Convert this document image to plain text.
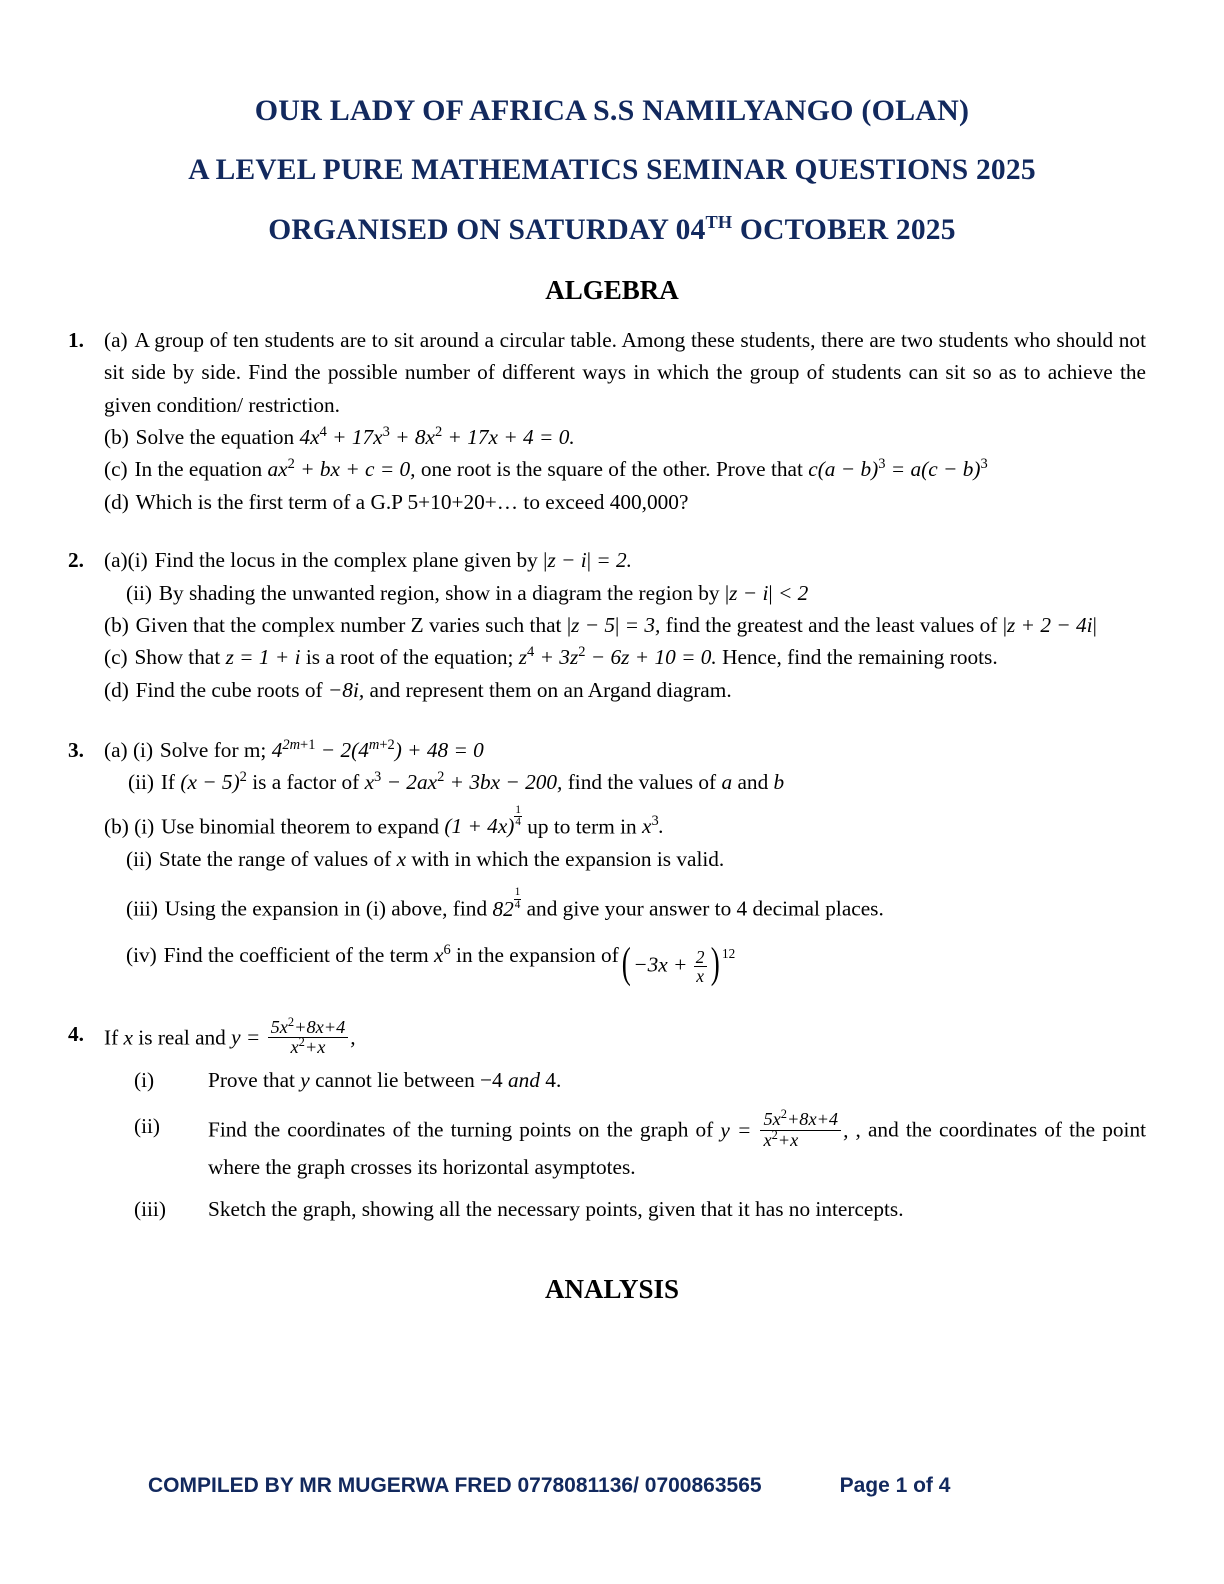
OUR LADY OF AFRICA S.S NAMILYANGO (OLAN)
A LEVEL PURE MATHEMATICS SEMINAR QUESTIONS 2025
ORGANISED ON SATURDAY 04TH OCTOBER 2025
ALGEBRA
1. (a) A group of ten students are to sit around a circular table. Among these students, there are two students who should not sit side by side. Find the possible number of different ways in which the group of students can sit so as to achieve the given condition/ restriction.
(b) Solve the equation $4x^4 + 17x^3 + 8x^2 + 17x + 4 = 0$.
(c) In the equation $ax^2$ + bx + c = 0, one root is the square of the other. Prove that $c(a - b)^3 = a(c - b)^3$
(d) Which is the first term of a G.P 5+10+20+… to exceed 400,000?
2. (a)(i) Find the locus in the complex plane given by |z − i| = 2.
(ii) By shading the unwanted region, show in a diagram the region by |z − i| < 2
(b) Given that the complex number Z varies such that |z − 5| = 3, find the greatest and the least values of |z + 2 − 4i|
(c) Show that z = 1 + i is a root of the equation; $z^4 + 3z^2 - 6z + 10 = 0$. Hence, find the remaining roots.
(d) Find the cube roots of −8i, and represent them on an Argand diagram.
3. (a) (i) Solve for m; $4^{2m+1} - 2(4^{m+2}) + 48 = 0$
(ii) If $(x - 5)^2$ is a factor of $x^3 - 2ax^2 + 3bx - 200$, find the values of a and b
(b) (i) Use binomial theorem to expand $(1 + 4x) \frac{1}{4}$ up to term in $x^3$.
(ii) State the range of values of x with in which the expansion is valid.
(iii) Using the expansion in (i) above, find $82 \frac{1}{4}$ and give your answer to 4 decimal places.
(iv) Find the coefficient of the term $x^6$ in the expansion $of( -3x + \frac{2}{x}$ ) 12
4. If x is real and $y = \frac{5x^2+8x+4}{x^2+x}$ ,
(i)	Prove that y cannot lie between −4 and 4.
(ii) Find the coordinates of the turning points on the graph of $y = \frac{5x^2+8x+4}{x^2+x}$ , , and the coordinates of the point where the graph crosses its horizontal asymptotes.
(iii) Sketch the graph, showing all the necessary points, given that it has no intercepts.
ANALYSIS
COMPILED BY MR MUGERWA FRED 0778081136/ 0700863565	Page 1 of 4
